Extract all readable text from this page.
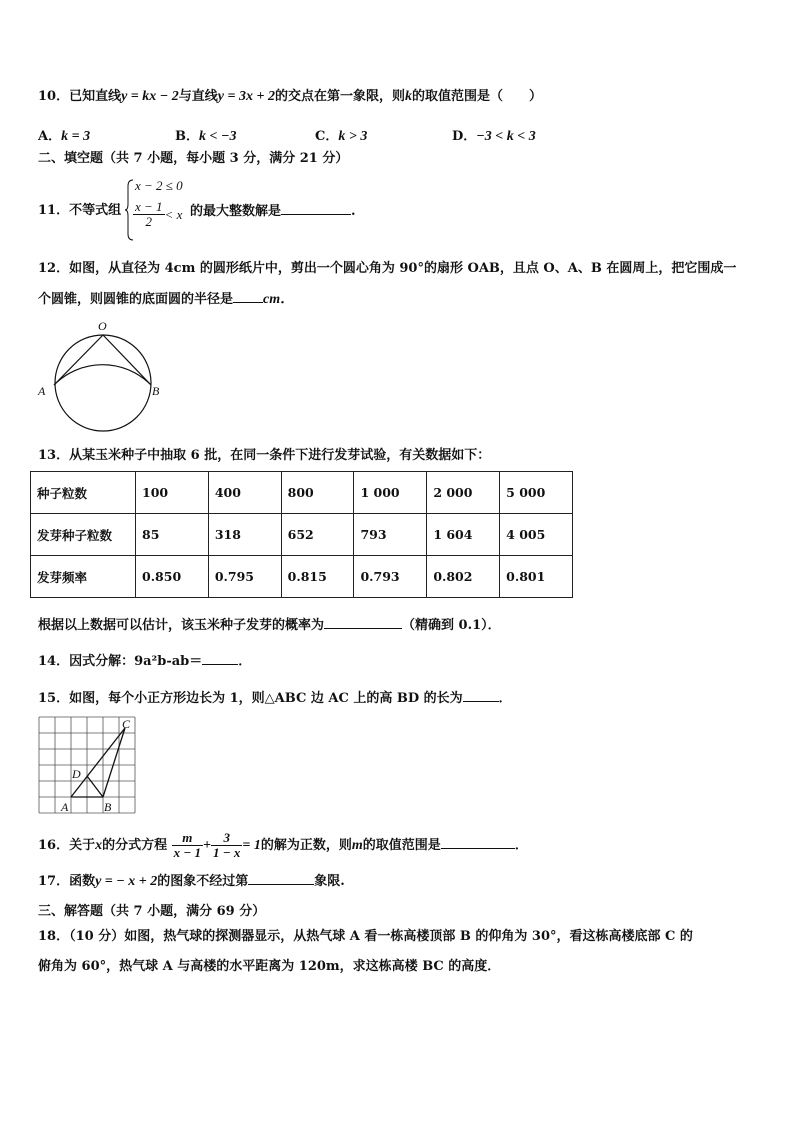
10．已知直线y = kx − 2与直线y = 3x + 2的交点在第一象限，则k的取值范围是（　　）
A．k = 3	B．k < −3	C．k > 3	D．−3 < k < 3
二、填空题（共 7 小题，每小题 3 分，满分 21 分）
11．不等式组
x − 2 ≤ 0
$\frac{x - 1}{2} < x$ 的最大整数解是	.
12．如图，从直径为 4cm 的圆形纸片中，剪出一个圆心角为 90°的扇形 OAB，且点 O、A、B 在圆周上，把它围成一
个圆锥，则圆锥的底面圆的半径是 cm．
O
A	B
13．从某玉米种子中抽取 6 批，在同一条件下进行发芽试验，有关数据如下：
种子粒数	100	400	800	1 000	2 000	5 000
发芽种子粒数	85	318	652	793	1 604	4 005
发芽频率	0.850	0.795	0.815	0.793	0.802	0.801
根据以上数据可以估计，该玉米种子发芽的概率为	（精确到 0.1）．
14．因式分解：9a²b-ab＝	．
15．如图，每个小正方形边长为 1，则△ABC 边 AC 上的高 BD 的长为	．
A	B
C
D
16．关于x的分式方程 $\frac{m}{x - 1} + \frac{3}{1 - x} = 1$的解为正数，则m的取值范围是	．
17．函数y = − x + 2的图象不经过第	象限.
三、解答题（共 7 小题，满分 69 分）
18．（10 分）如图，热气球的探测器显示，从热气球 A 看一栋高楼顶部 B 的仰角为 30°，看这栋高楼底部 C 的
俯角为 60°，热气球 A 与高楼的水平距离为 120m，求这栋高楼 BC 的高度．
